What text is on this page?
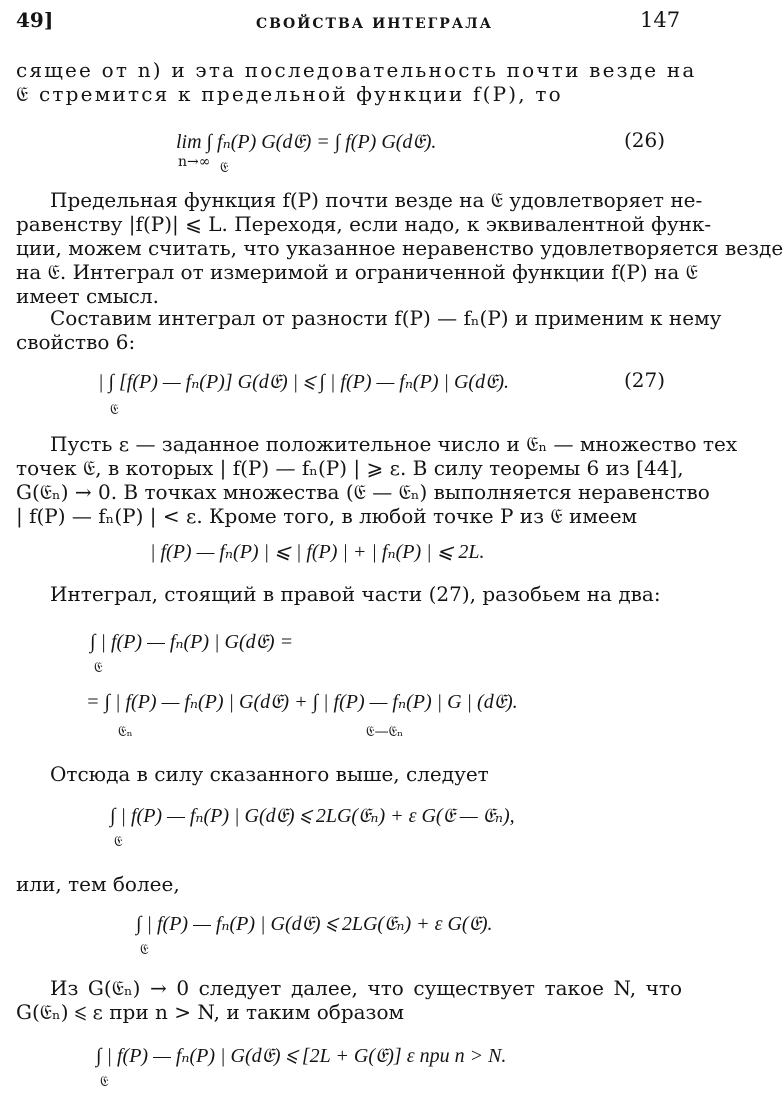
49]	СВОЙСТВА ИНТЕГРАЛА	147
сящее от n) и эта последовательность почти везде на
𝔈 стремится к предельной функции f(P), то
lim ∫ fₙ(P) G(d𝔈) = ∫ f(P) G(d𝔈).
n→∞ 𝔈
(26)
Предельная функция f(P) почти везде на 𝔈 удовлетворяет не-
равенству |f(P)| ⩽ L. Переходя, если надо, к эквивалентной функ-
ции, можем считать, что указанное неравенство удовлетворяется везде
на 𝔈. Интеграл от измеримой и ограниченной функции f(P) на 𝔈
имеет смысл.
Составим интеграл от разности f(P) — fₙ(P) и применим к нему
свойство 6:
| ∫ [f(P) — fₙ(P)] G(d𝔈) | ⩽ ∫ | f(P) — fₙ(P) | G(d𝔈).
𝔈
(27)
Пусть ε — заданное положительное число и 𝔈ₙ — множество тех
точек 𝔈, в которых | f(P) — fₙ(P) | ⩾ ε. В силу теоремы 6 из [44],
G(𝔈ₙ) → 0. В точках множества (𝔈 — 𝔈ₙ) выполняется неравенство
| f(P) — fₙ(P) | < ε. Кроме того, в любой точке P из 𝔈 имеем
| f(P) — fₙ(P) | ⩽ | f(P) | + | fₙ(P) | ⩽ 2L.
Интеграл, стоящий в правой части (27), разобьем на два:
∫ | f(P) — fₙ(P) | G(d𝔈) =
𝔈
= ∫ | f(P) — fₙ(P) | G(d𝔈) + ∫ | f(P) — fₙ(P) | G | (d𝔈).
𝔈ₙ	𝔈—𝔈ₙ
Отсюда в силу сказанного выше, следует
∫ | f(P) — fₙ(P) | G(d𝔈) ⩽ 2LG(𝔈ₙ) + ε G(𝔈 — 𝔈ₙ),
𝔈
или, тем более,
∫ | f(P) — fₙ(P) | G(d𝔈) ⩽ 2LG(𝔈ₙ) + ε G(𝔈).
𝔈
Из G(𝔈ₙ) → 0 следует далее, что существует такое N, что
G(𝔈ₙ) ⩽ ε при n > N, и таким образом
∫ | f(P) — fₙ(P) | G(d𝔈) ⩽ [2L + G(𝔈)] ε при n > N.
𝔈
